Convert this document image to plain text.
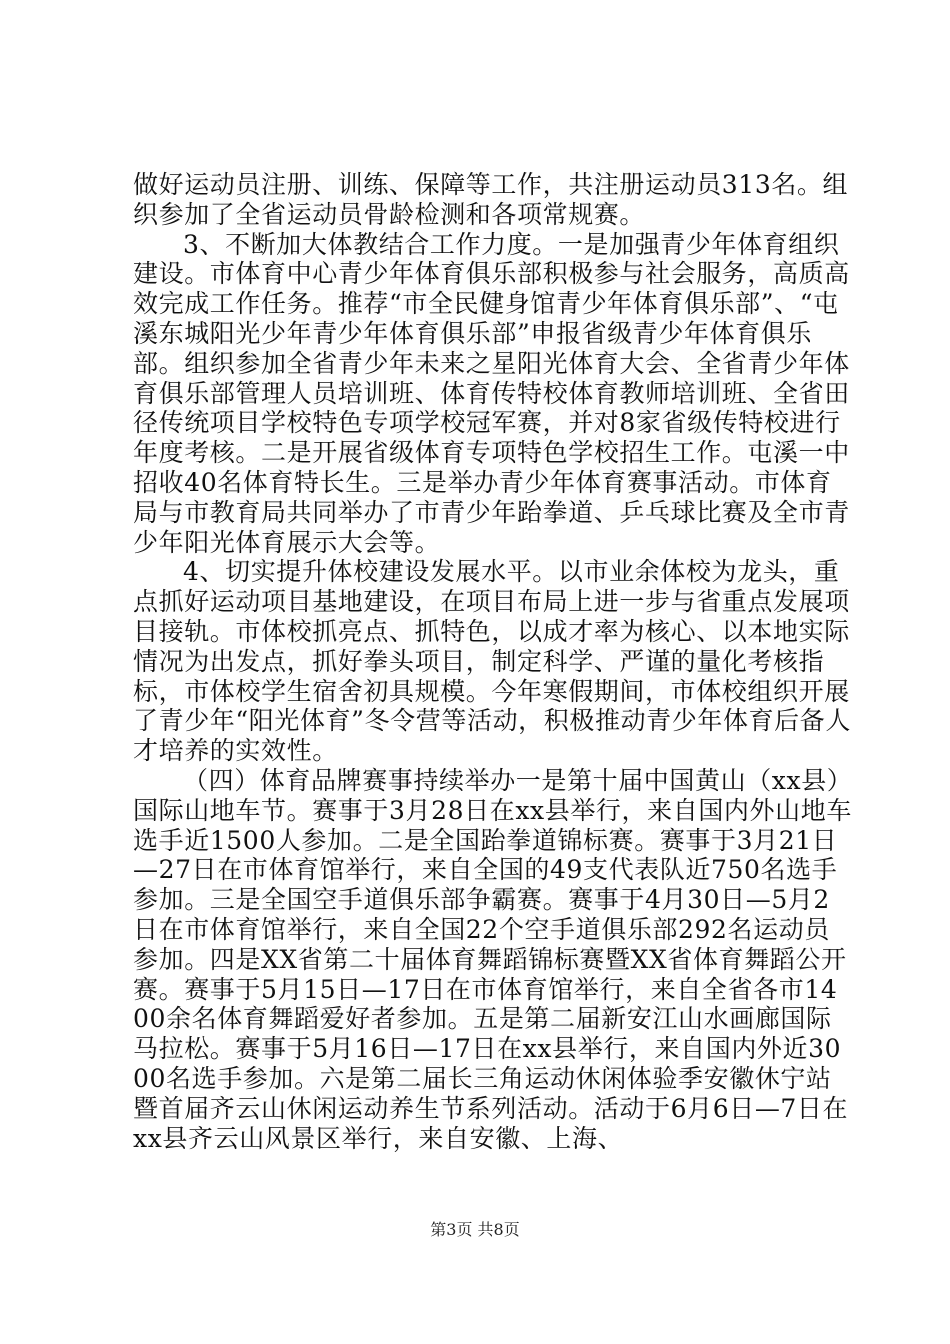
做好运动员注册、训练、保障等工作，共注册运动员313名。组织参加了全省运动员骨龄检测和各项常规赛。

3、不断加大体教结合工作力度。一是加强青少年体育组织建设。市体育中心青少年体育俱乐部积极参与社会服务，高质高效完成工作任务。推荐“市全民健身馆青少年体育俱乐部”、“屯溪东城阳光少年青少年体育俱乐部”申报省级青少年体育俱乐部。组织参加全省青少年未来之星阳光体育大会、全省青少年体育俱乐部管理人员培训班、体育传特校体育教师培训班、全省田径传统项目学校特色专项学校冠军赛，并对8家省级传特校进行年度考核。二是开展省级体育专项特色学校招生工作。屯溪一中招收40名体育特长生。三是举办青少年体育赛事活动。市体育局与市教育局共同举办了市青少年跆拳道、乒乓球比赛及全市青少年阳光体育展示大会等。

4、切实提升体校建设发展水平。以市业余体校为龙头，重点抓好运动项目基地建设，在项目布局上进一步与省重点发展项目接轨。市体校抓亮点、抓特色，以成才率为核心、以本地实际情况为出发点，抓好拳头项目，制定科学、严谨的量化考核指标，市体校学生宿舍初具规模。今年寒假期间，市体校组织开展了青少年“阳光体育”冬令营等活动，积极推动青少年体育后备人才培养的实效性。

（四）体育品牌赛事持续举办一是第十届中国黄山（xx县）国际山地车节。赛事于3月28日在xx县举行，来自国内外山地车选手近1500人参加。二是全国跆拳道锦标赛。赛事于3月21日—27日在市体育馆举行，来自全国的49支代表队近750名选手参加。三是全国空手道俱乐部争霸赛。赛事于4月30日—5月2日在市体育馆举行，来自全国22个空手道俱乐部292名运动员参加。四是XX省第二十届体育舞蹈锦标赛暨XX省体育舞蹈公开赛。赛事于5月15日—17日在市体育馆举行，来自全省各市1400余名体育舞蹈爱好者参加。五是第二届新安江山水画廊国际马拉松。赛事于5月16日—17日在xx县举行，来自国内外近3000名选手参加。六是第二届长三角运动休闲体验季安徽休宁站暨首届齐云山休闲运动养生节系列活动。活动于6月6日—7日在xx县齐云山风景区举行，来自安徽、上海、

第3页 共8页
